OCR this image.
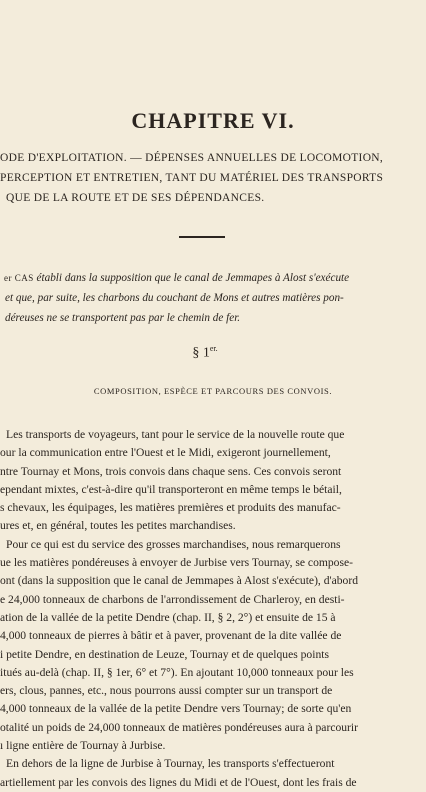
CHAPITRE VI.
ODE D'EXPLOITATION. — DÉPENSES ANNUELLES DE LOCOMOTION,
PERCEPTION ET ENTRETIEN, TANT DU MATÉRIEL DES TRANSPORTS
QUE DE LA ROUTE ET DE SES DÉPENDANCES.
er CAS établi dans la supposition que le canal de Jemmapes à Alost s'exécute
et que, par suite, les charbons du couchant de Mons et autres matières pon-
déreuses ne se transportent pas par le chemin de fer.
§ $1^{er.}$
COMPOSITION, ESPÈCE ET PARCOURS DES CONVOIS.
Les transports de voyageurs, tant pour le service de la nouvelle route que
our la communication entre l'Ouest et le Midi, exigeront journellement,
ntre Tournay et Mons, trois convois dans chaque sens. Ces convois seront
ependant mixtes, c'est-à-dire qu'il transporteront en même temps le bétail,
s chevaux, les équipages, les matières premières et produits des manufac-
ures et, en général, toutes les petites marchandises.
Pour ce qui est du service des grosses marchandises, nous remarquerons
ue les matières pondéreuses à envoyer de Jurbise vers Tournay, se compose-
ont (dans la supposition que le canal de Jemmapes à Alost s'exécute), d'abord
e 24,000 tonneaux de charbons de l'arrondissement de Charleroy, en desti-
ation de la vallée de la petite Dendre (chap. II, § 2, 2°) et ensuite de 15 à
4,000 tonneaux de pierres à bâtir et à paver, provenant de la dite vallée de
i petite Dendre, en destination de Leuze, Tournay et de quelques points
itués au-delà (chap. II, § 1er, 6° et 7°). En ajoutant 10,000 tonneaux pour les
ers, clous, pannes, etc., nous pourrons aussi compter sur un transport de
4,000 tonneaux de la vallée de la petite Dendre vers Tournay; de sorte qu'en
otalité un poids de 24,000 tonneaux de matières pondéreuses aura à parcourir
ı ligne entière de Tournay à Jurbise.
En dehors de la ligne de Jurbise à Tournay, les transports s'effectueront
artiellement par les convois des lignes du Midi et de l'Ouest, dont les frais de
